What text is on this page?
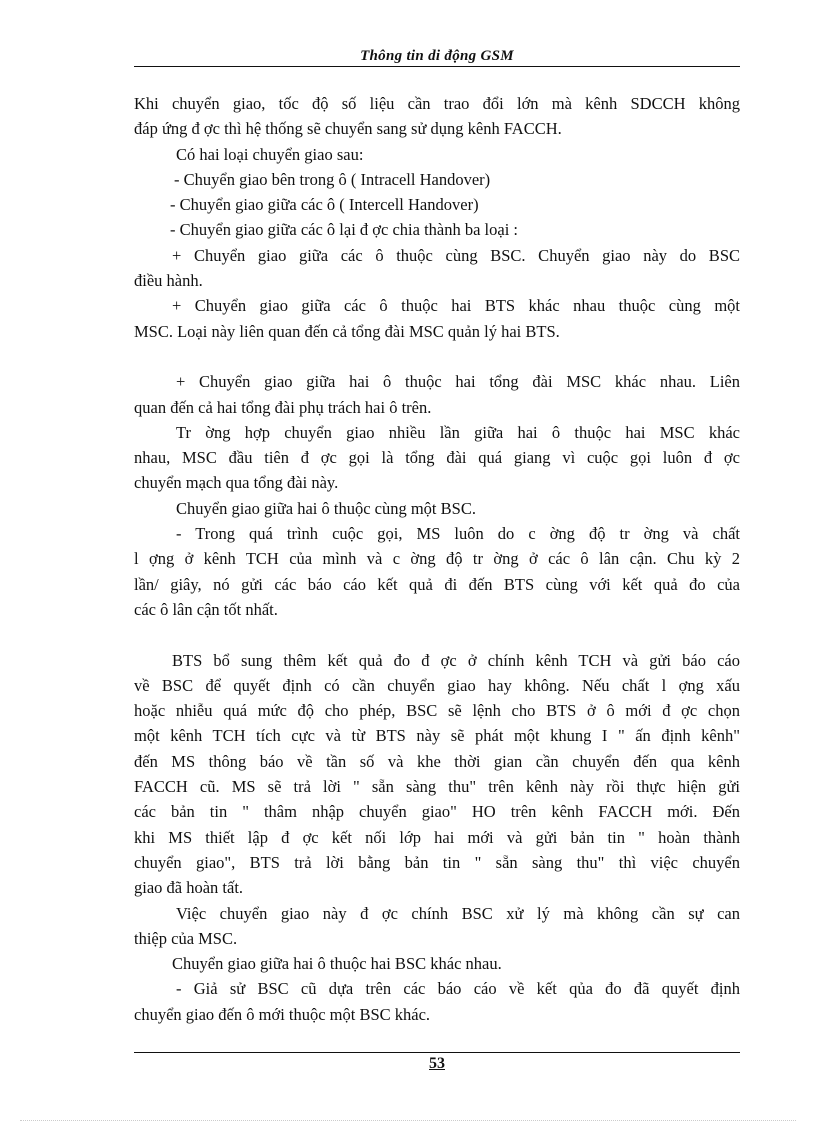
Thông tin di động GSM

Khi chuyển giao, tốc độ số liệu cần trao đổi lớn mà kênh SDCCH không

đáp ứng đ ợc thì hệ thống sẽ chuyển sang sử dụng kênh FACCH.

Có hai loại chuyển giao sau:

- Chuyển giao bên trong ô ( Intracell Handover)

- Chuyển giao giữa các ô ( Intercell Handover)

- Chuyển giao giữa các ô lại đ ợc chia thành ba loại :

+ Chuyển giao giữa các ô thuộc cùng BSC. Chuyển giao này do BSC

điều hành.

+ Chuyển giao giữa các ô thuộc hai BTS khác nhau thuộc cùng một

MSC. Loại này liên quan đến cả tổng đài MSC quản lý hai BTS.

+ Chuyển giao giữa hai ô thuộc hai tổng đài MSC khác nhau. Liên

quan đến cả hai tổng đài phụ trách hai ô trên.

Tr ờng hợp chuyển giao nhiều lần giữa hai ô thuộc hai MSC khác

nhau, MSC đầu tiên đ ợc gọi là tổng đài quá giang vì cuộc gọi luôn đ ợc

chuyển mạch qua tổng đài này.

Chuyển giao giữa hai ô thuộc cùng một BSC.

- Trong quá trình cuộc gọi, MS luôn do c ờng độ tr ờng và chất

l ợng ở kênh TCH của mình và c ờng độ tr ờng ở các ô lân cận. Chu kỳ 2

lần/ giây, nó gửi các báo cáo kết quả đi đến BTS cùng với kết quả đo của

các ô lân cận tốt nhất.

BTS bổ sung thêm kết quả đo đ ợc ở chính kênh TCH và gửi báo cáo

về BSC để quyết định có cần chuyển giao hay không. Nếu chất l ợng xấu

hoặc nhiễu quá mức độ cho phép, BSC sẽ lệnh cho BTS ở ô mới đ ợc chọn

một kênh TCH tích cực và từ BTS này sẽ phát một khung I " ấn định kênh"

đến MS thông báo về tần số và khe thời gian cần chuyển đến qua kênh

FACCH cũ. MS sẽ trả lời " sẵn sàng thu" trên kênh này rồi thực hiện gửi

các bản tin " thâm nhập chuyển giao" HO trên kênh FACCH mới. Đến

khi MS thiết lập đ ợc kết nối lớp hai mới và gửi bản tin " hoàn thành

chuyển giao", BTS trả lời bằng bản tin " sẵn sàng thu" thì việc chuyển

giao đã hoàn tất.

Việc chuyển giao này đ ợc chính BSC xử lý mà không cần sự can

thiệp của MSC.

Chuyển giao giữa hai ô thuộc hai BSC khác nhau.

- Giả sử BSC cũ dựa trên các báo cáo về kết qủa đo đã quyết định

chuyển giao đến ô mới thuộc một BSC khác.

53
